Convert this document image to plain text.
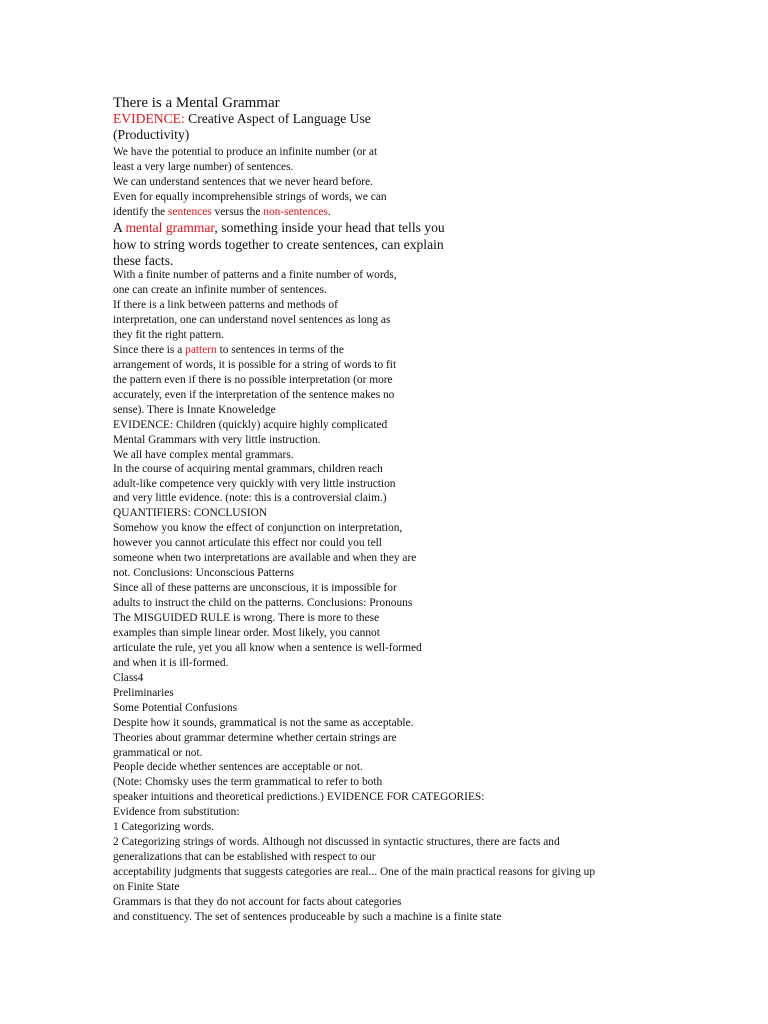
There is a Mental Grammar

EVIDENCE: Creative Aspect of Language Use

(Productivity)

We have the potential to produce an infinite number (or at

least a very large number) of sentences.

We can understand sentences that we never heard before.

Even for equally incomprehensible strings of words, we can

identify the sentences versus the non-sentences.

A mental grammar, something inside your head that tells you

how to string words together to create sentences, can explain

these facts.

With a finite number of patterns and a finite number of words,

one can create an infinite number of sentences.

If there is a link between patterns and methods of

interpretation, one can understand novel sentences as long as

they fit the right pattern.

Since there is a pattern to sentences in terms of the

arrangement of words, it is possible for a string of words to fit

the pattern even if there is no possible interpretation (or more

accurately, even if the interpretation of the sentence makes no

sense). There is Innate Knoweledge

EVIDENCE: Children (quickly) acquire highly complicated

Mental Grammars with very little instruction.

We all have complex mental grammars.

In the course of acquiring mental grammars, children reach

adult-like competence very quickly with very little instruction

and very little evidence. (note: this is a controversial claim.)

QUANTIFIERS: CONCLUSION

Somehow you know the effect of conjunction on interpretation,

however you cannot articulate this effect nor could you tell

someone when two interpretations are available and when they are

not. Conclusions: Unconscious Patterns

Since all of these patterns are unconscious, it is impossible for

adults to instruct the child on the patterns. Conclusions: Pronouns

The MISGUIDED RULE is wrong. There is more to these

examples than simple linear order. Most likely, you cannot

articulate the rule, yet you all know when a sentence is well-formed

and when it is ill-formed.

Class4

Preliminaries

Some Potential Confusions

Despite how it sounds, grammatical is not the same as acceptable.

Theories about grammar determine whether certain strings are

grammatical or not.

People decide whether sentences are acceptable or not.

(Note: Chomsky uses the term grammatical to refer to both

speaker intuitions and theoretical predictions.) EVIDENCE FOR CATEGORIES:

Evidence from substitution:

1 Categorizing words.

2 Categorizing strings of words. Although not discussed in syntactic structures, there are facts and

generalizations that can be established with respect to our

acceptability judgments that suggests categories are real... One of the main practical reasons for giving up

on Finite State

Grammars is that they do not account for facts about categories

and constituency. The set of sentences produceable by such a machine is a finite state
